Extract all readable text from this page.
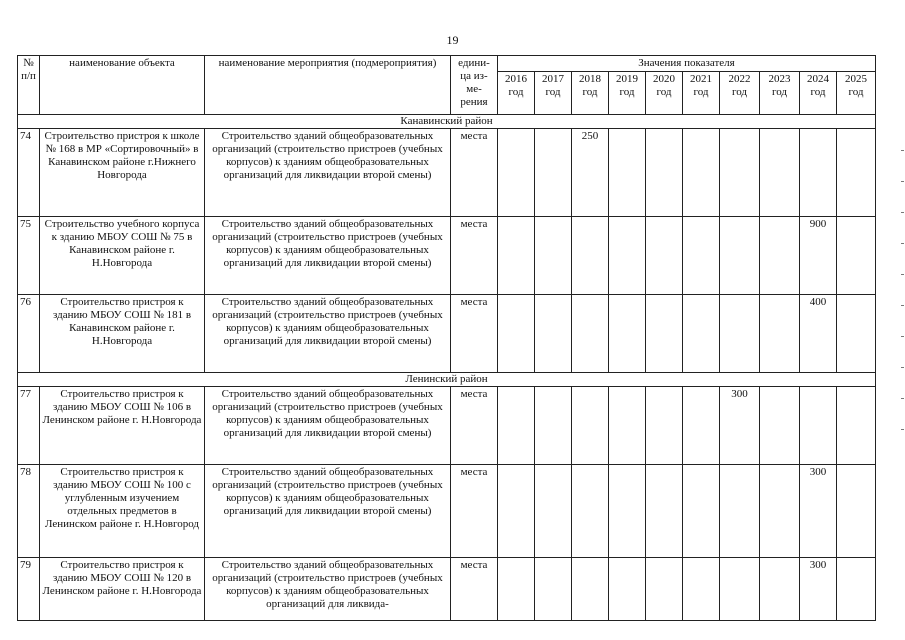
19
№ п/п	наименование объекта	наименование мероприятия (подмероприятия)	едини-ца из-ме-рения	Значения показателя									
				2016 год	2017 год	2018 год	2019 год	2020 год	2021 год	2022 год	2023 год	2024 год	2025 год
Канавинский район													
74	Строительство пристроя к школе № 168 в МР «Сортировочный» в Канавинском районе г.Нижнего Новгорода	Строительство зданий общеобразовательных организаций (строительство пристроев (учебных корпусов) к зданиям общеобразовательных организаций для ликвидации второй смены)	места			250							
75	Строительство учебного корпуса к зданию МБОУ СОШ № 75 в Канавинском районе г. Н.Новгорода	Строительство зданий общеобразовательных организаций (строительство пристроев (учебных корпусов) к зданиям общеобразовательных организаций для ликвидации второй смены)	места									900	
76	Строительство пристроя к зданию МБОУ СОШ № 181 в Канавинском районе г. Н.Новгорода	Строительство зданий общеобразовательных организаций (строительство пристроев (учебных корпусов) к зданиям общеобразовательных организаций для ликвидации второй смены)	места									400	
Ленинский район													
77	Строительство пристроя к зданию МБОУ СОШ № 106 в Ленинском районе г. Н.Новгорода	Строительство зданий общеобразовательных организаций (строительство пристроев (учебных корпусов) к зданиям общеобразовательных организаций для ликвидации второй смены)	места							300			
78	Строительство пристроя к зданию МБОУ СОШ № 100 с углубленным изучением отдельных предметов в Ленинском районе г. Н.Новгород	Строительство зданий общеобразовательных организаций (строительство пристроев (учебных корпусов) к зданиям общеобразовательных организаций для ликвидации второй смены)	места									300	
79	Строительство пристроя к зданию МБОУ СОШ № 120 в Ленинском районе г. Н.Новгорода	Строительство зданий общеобразовательных организаций (строительство пристроев (учебных корпусов) к зданиям общеобразовательных организаций для ликвида-	места									300	
